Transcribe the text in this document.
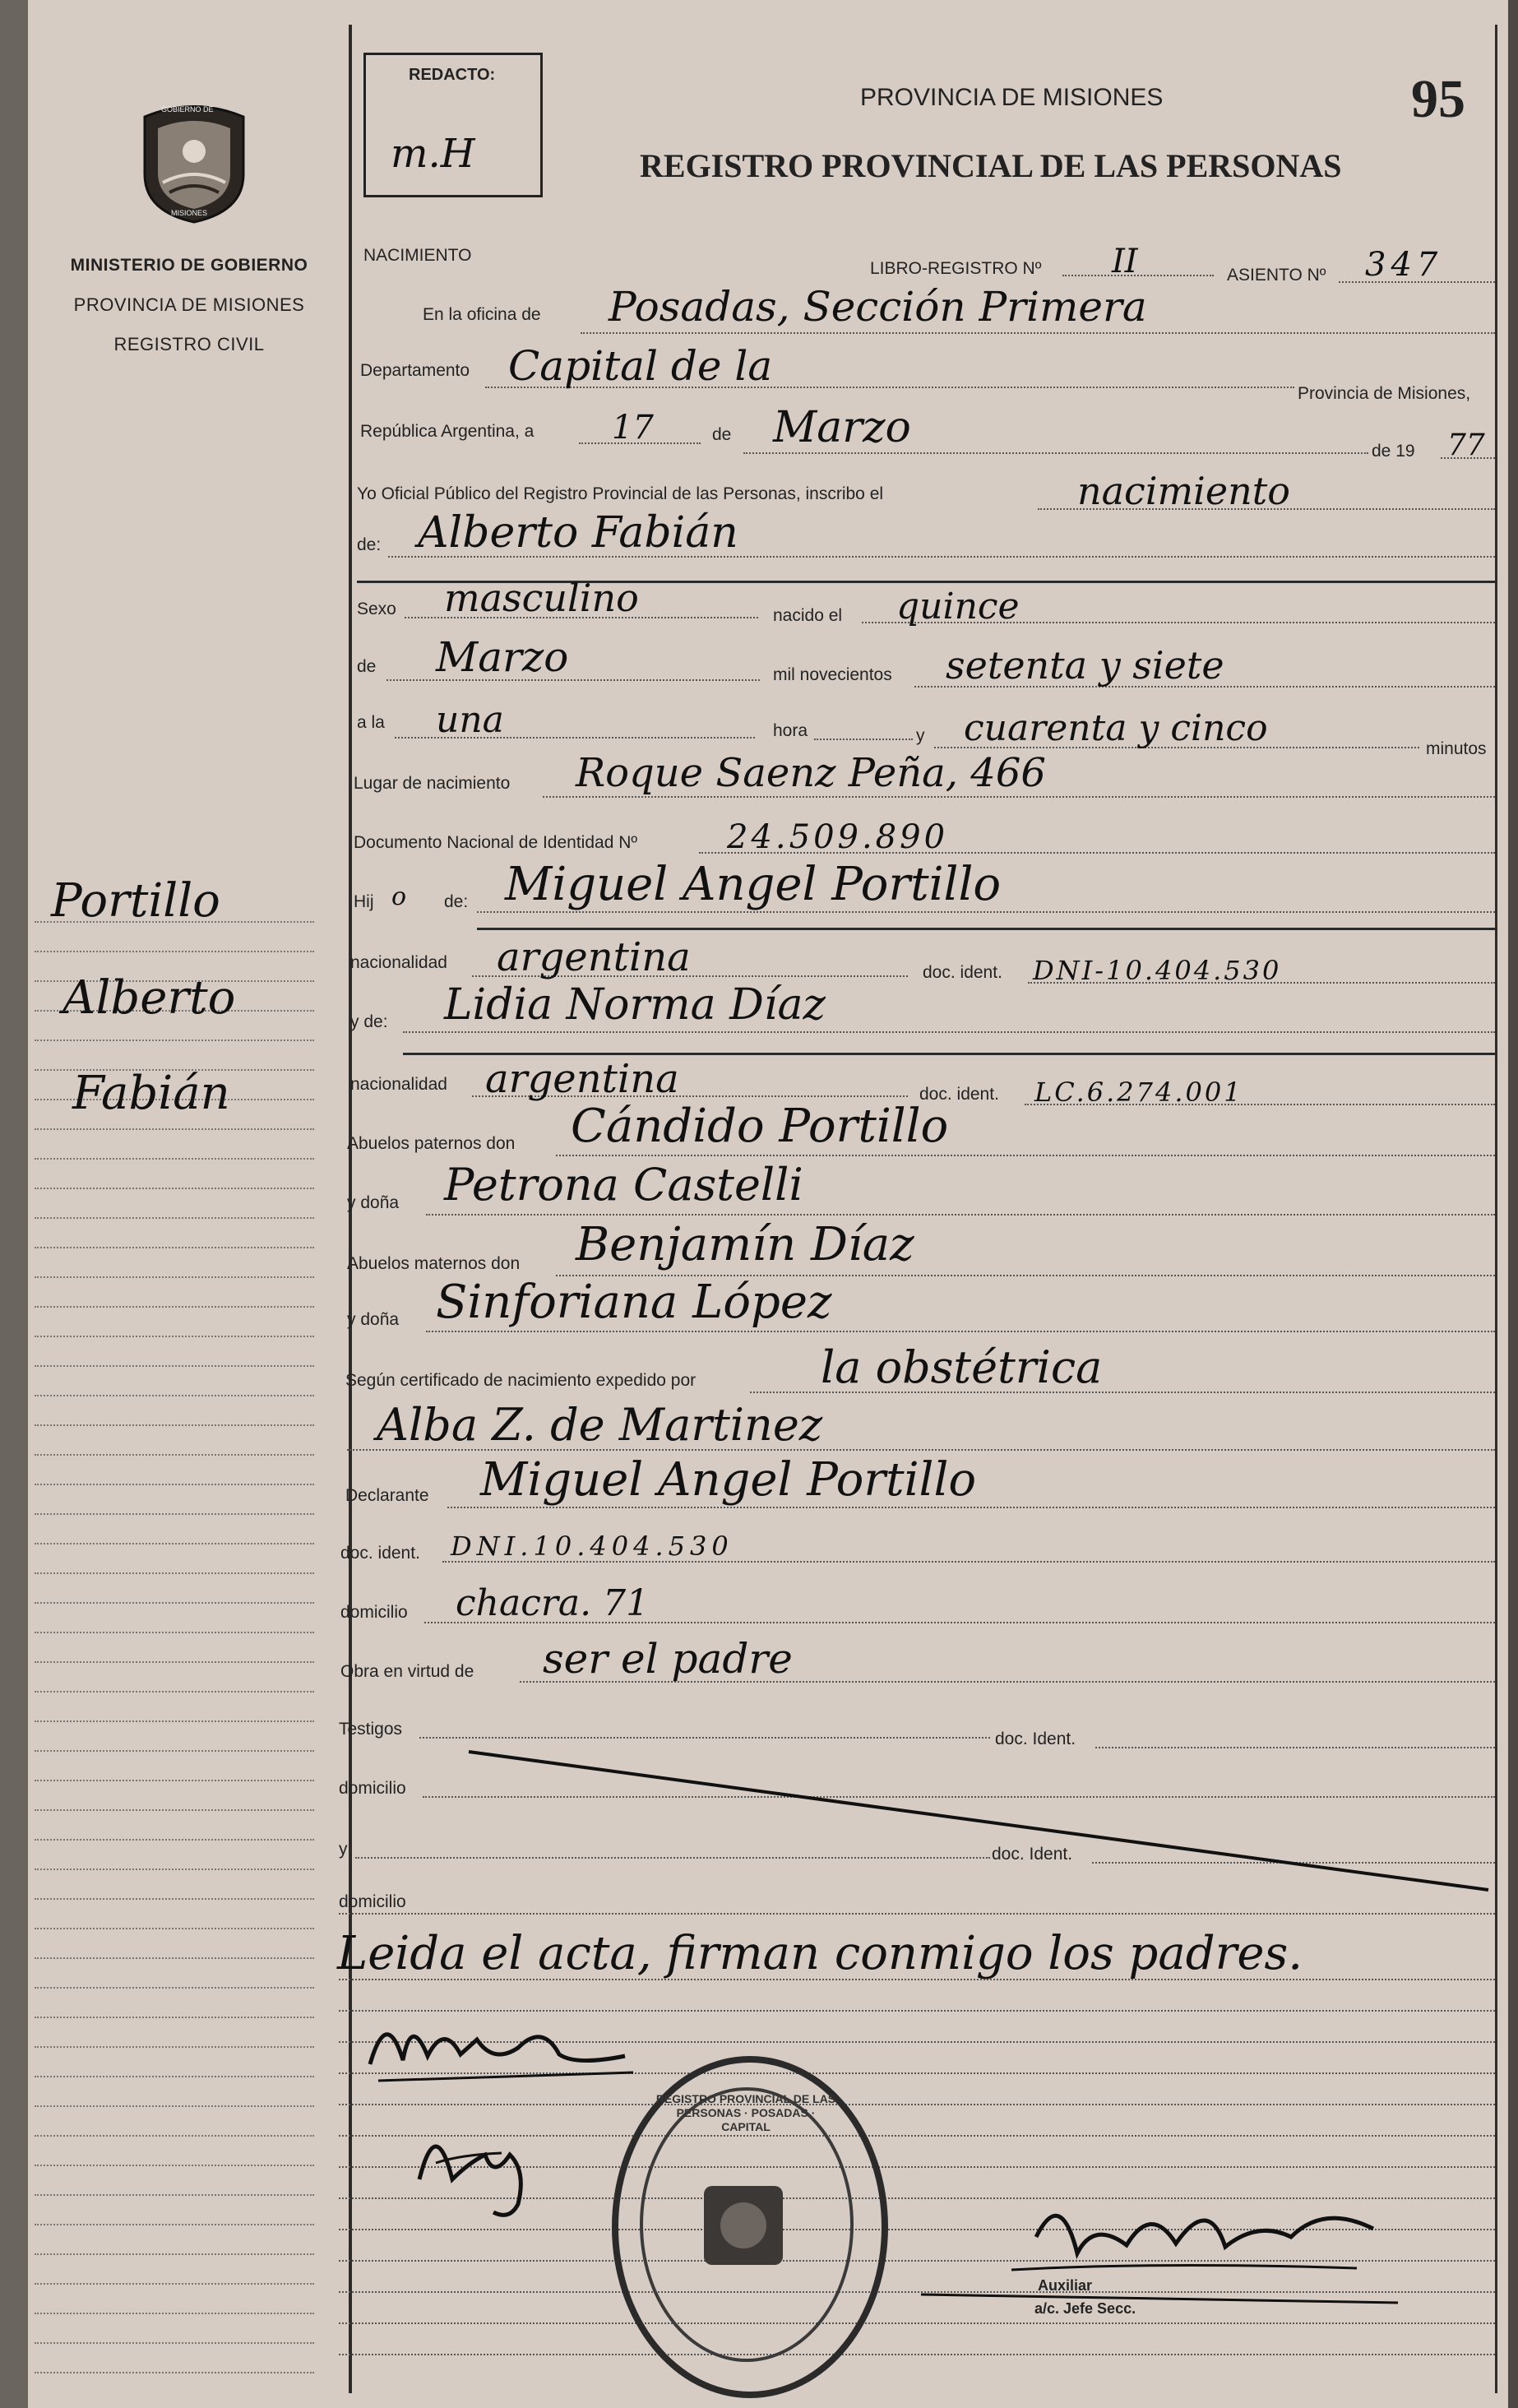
REDACTO:
m.H
PROVINCIA DE MISIONES
REGISTRO PROVINCIAL DE LAS PERSONAS
95
GOBIERNO DE
MISIONES
MINISTERIO DE GOBIERNO
PROVINCIA DE MISIONES
REGISTRO CIVIL
Portillo
Alberto
Fabián
NACIMIENTO
LIBRO-REGISTRO Nº II	ASIENTO Nº 347
En la oficina de Posadas, Sección Primera
Departamento Capital de la
Provincia de Misiones,
República Argentina, a 17	de Marzo	de 19 77
Yo Oficial Público del Registro Provincial de las Personas, inscribo el	nacimiento
de: Alberto Fabián
Sexo masculino	nacido el quince
de Marzo	mil novecientos setenta y siete
a la una	hora	y cuarenta y cinco	minutos
Lugar de nacimiento Roque Saenz Peña, 466
Documento Nacional de Identidad Nº	24.509.890
Hij o de: Miguel Angel Portillo
nacionalidad argentina	doc. ident. DNI-10.404.530
y de: Lidia Norma Díaz
nacionalidad argentina	doc. ident. LC.6.274.001
Abuelos paternos don Cándido Portillo
y doña Petrona Castelli
Abuelos maternos don Benjamín Díaz
y doña Sinforiana López
Según certificado de nacimiento expedido por	la obstétrica
Alba Z. de Martinez
Declarante Miguel Angel Portillo
doc. ident. DNI.10.404.530
domicilio chacra. 71
Obra en virtud de ser el padre
Testigos
doc. Ident.
domicilio
y	doc. Ident.
domicilio
Leida el acta, firman conmigo los padres.
REGISTRO PROVINCIAL DE LAS PERSONAS · POSADAS · CAPITAL
Auxiliar
a/c. Jefe Secc.
